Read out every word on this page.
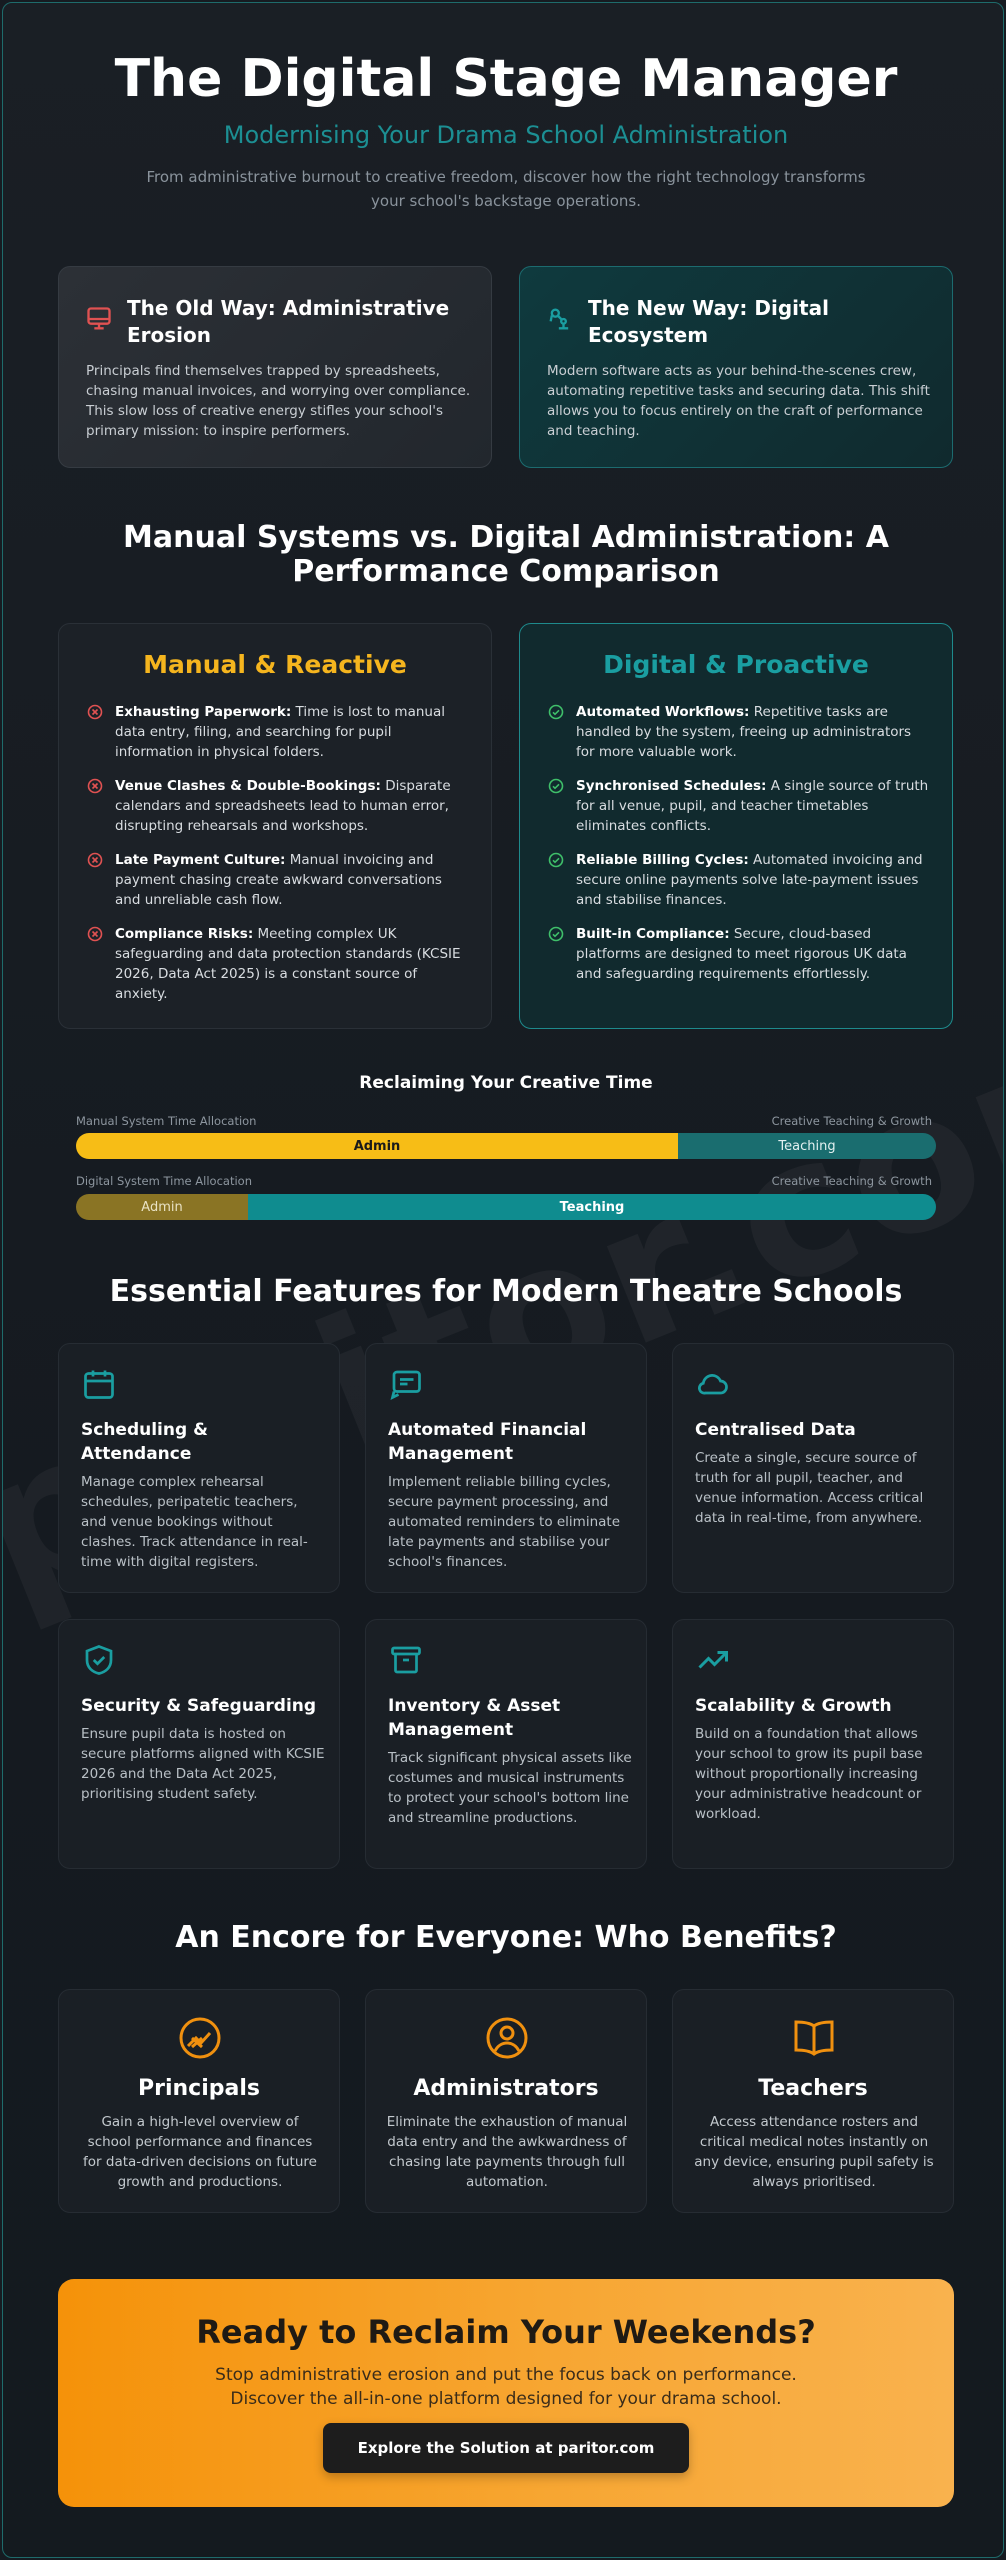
The Digital Stage Manager
Modernising Your Drama School Administration
From administrative burnout to creative freedom, discover how the right technology transforms your school's backstage operations.
The Old Way: Administrative Erosion

Principals find themselves trapped by spreadsheets, chasing manual invoices, and worrying over compliance. This slow loss of creative energy stifles your school's primary mission: to inspire performers.

The New Way: Digital Ecosystem

Modern software acts as your behind-the-scenes crew, automating repetitive tasks and securing data. This shift allows you to focus entirely on the craft of performance and teaching.

Manual Systems vs. Digital Administration: A Performance Comparison
Manual & Reactive
Exhausting Paperwork: Time is lost to manual data entry, filing, and searching for pupil information in physical folders.
Venue Clashes & Double-Bookings: Disparate calendars and spreadsheets lead to human error, disrupting rehearsals and workshops.
Late Payment Culture: Manual invoicing and payment chasing create awkward conversations and unreliable cash flow.
Compliance Risks: Meeting complex UK safeguarding and data protection standards (KCSIE 2026, Data Act 2025) is a constant source of anxiety.
Digital & Proactive
Automated Workflows: Repetitive tasks are handled by the system, freeing up administrators for more valuable work.
Synchronised Schedules: A single source of truth for all venue, pupil, and teacher timetables eliminates conflicts.
Reliable Billing Cycles: Automated invoicing and secure online payments solve late-payment issues and stabilise finances.
Built-in Compliance: Secure, cloud-based platforms are designed to meet rigorous UK data and safeguarding requirements effortlessly.
Reclaiming Your Creative Time
Manual System Time Allocation	Creative Teaching & Growth
Admin	Teaching
Digital System Time Allocation	Creative Teaching & Growth
Admin	Teaching
Essential Features for Modern Theatre Schools
Scheduling & Attendance

Manage complex rehearsal schedules, peripatetic teachers, and venue bookings without clashes. Track attendance in real-time with digital registers.

Automated Financial Management

Implement reliable billing cycles, secure payment processing, and automated reminders to eliminate late payments and stabilise your school's finances.

Centralised Data

Create a single, secure source of truth for all pupil, teacher, and venue information. Access critical data in real-time, from anywhere.

Security & Safeguarding

Ensure pupil data is hosted on secure platforms aligned with KCSIE 2026 and the Data Act 2025, prioritising student safety.

Inventory & Asset Management

Track significant physical assets like costumes and musical instruments to protect your school's bottom line and streamline productions.

Scalability & Growth

Build on a foundation that allows your school to grow its pupil base without proportionally increasing your administrative headcount or workload.

An Encore for Everyone: Who Benefits?
Principals

Gain a high-level overview of school performance and finances for data-driven decisions on future growth and productions.

Administrators

Eliminate the exhaustion of manual data entry and the awkwardness of chasing late payments through full automation.

Teachers

Access attendance rosters and critical medical notes instantly on any device, ensuring pupil safety is always prioritised.

Ready to Reclaim Your Weekends?

Stop administrative erosion and put the focus back on performance.
Discover the all-in-one platform designed for your drama school.

Explore the Solution at paritor.com
